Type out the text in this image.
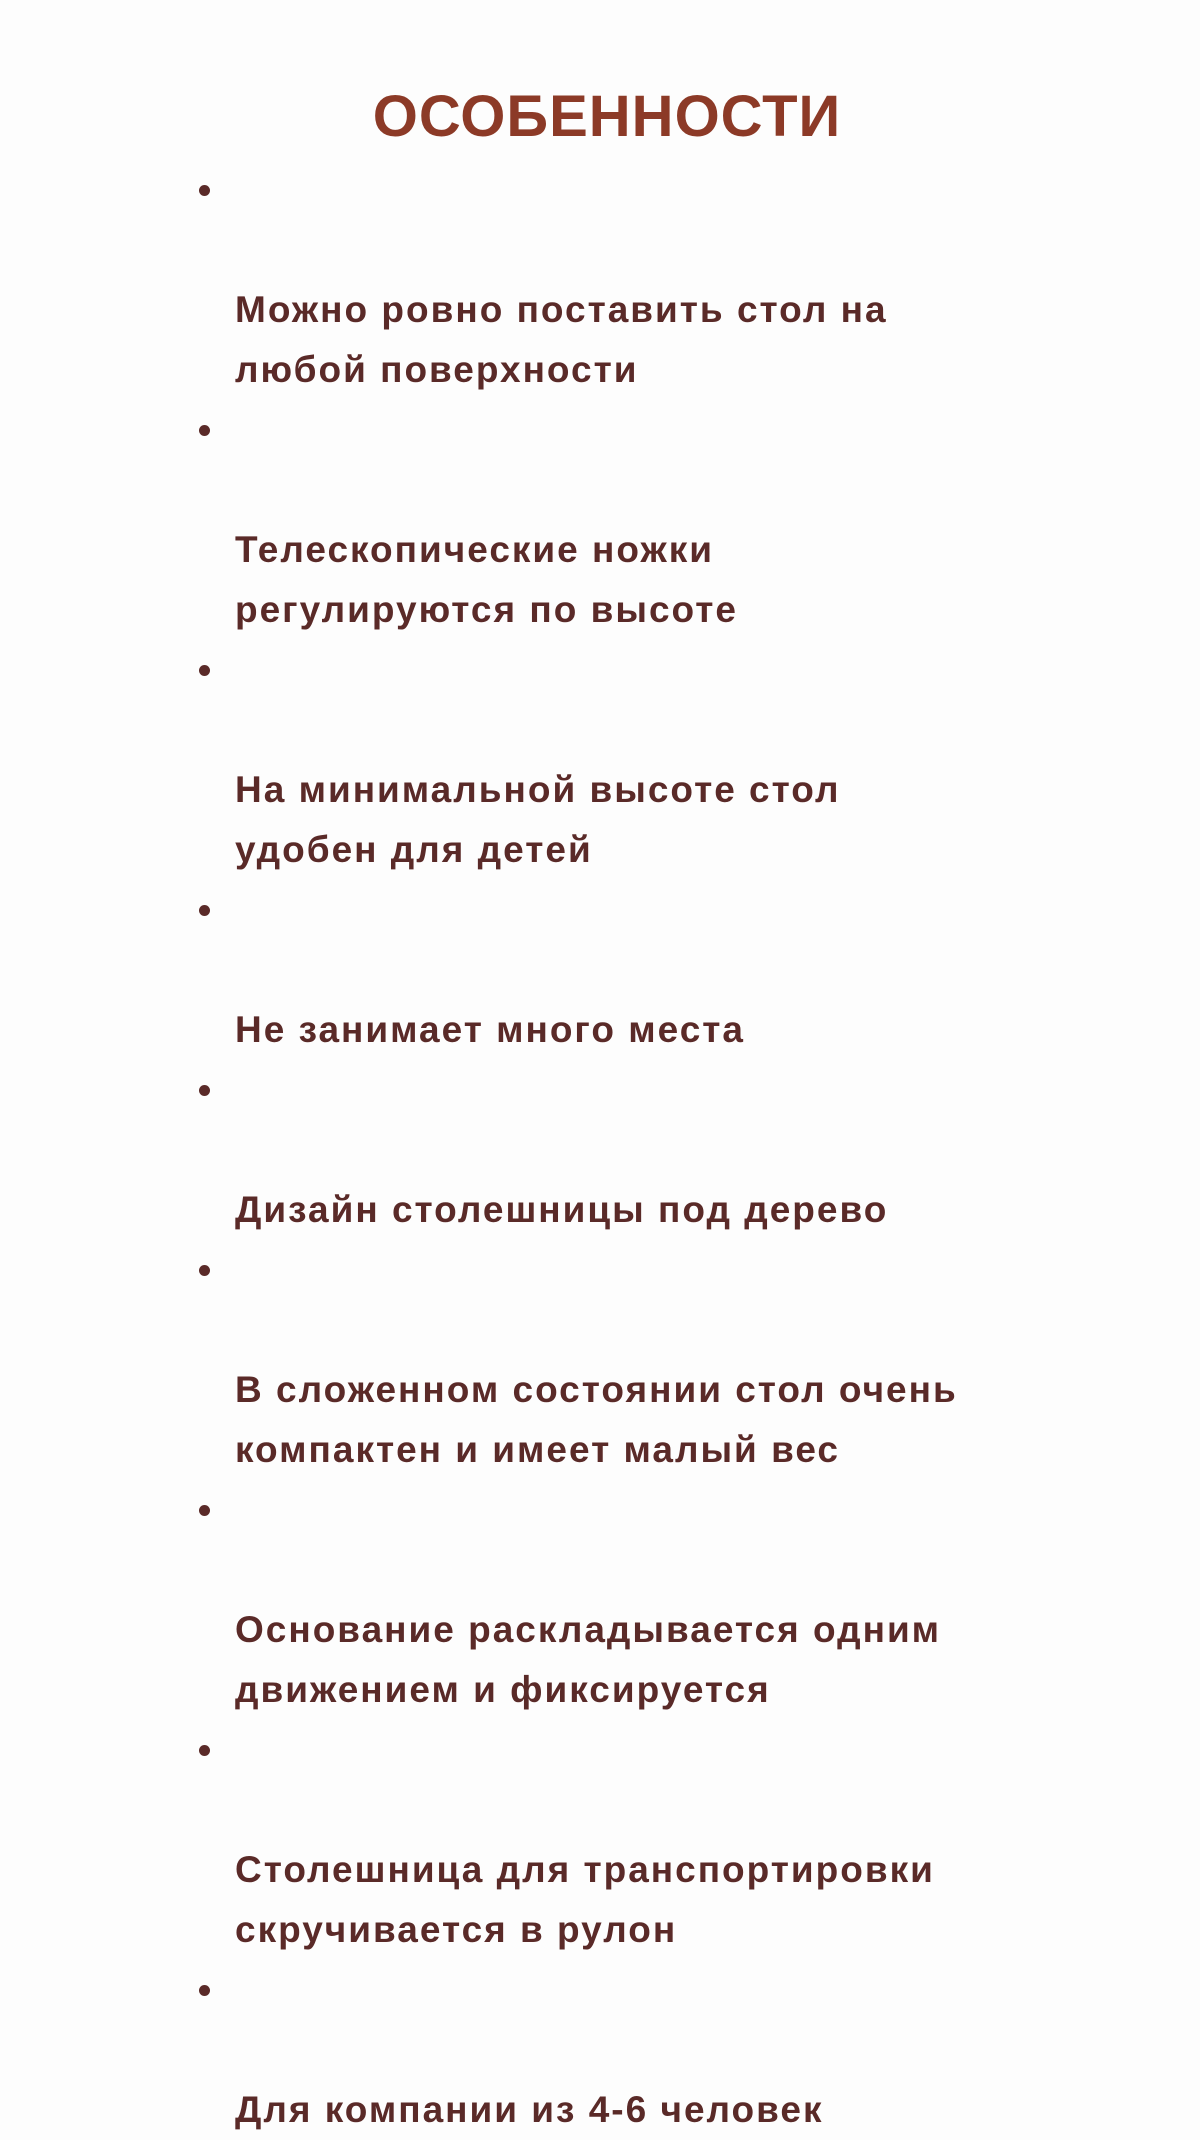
ОСОБЕННОСТИ

Можно ровно поставить стол на
любой поверхности

Телескопические ножки
регулируются по высоте

На минимальной высоте стол
удобен для детей

Не занимает много места

Дизайн столешницы под дерево

В сложенном состоянии стол очень
компактен и имеет малый вес

Основание раскладывается одним
движением и фиксируется

Столешница для транспортировки
скручивается в рулон

Для компании из 4-6 человек
